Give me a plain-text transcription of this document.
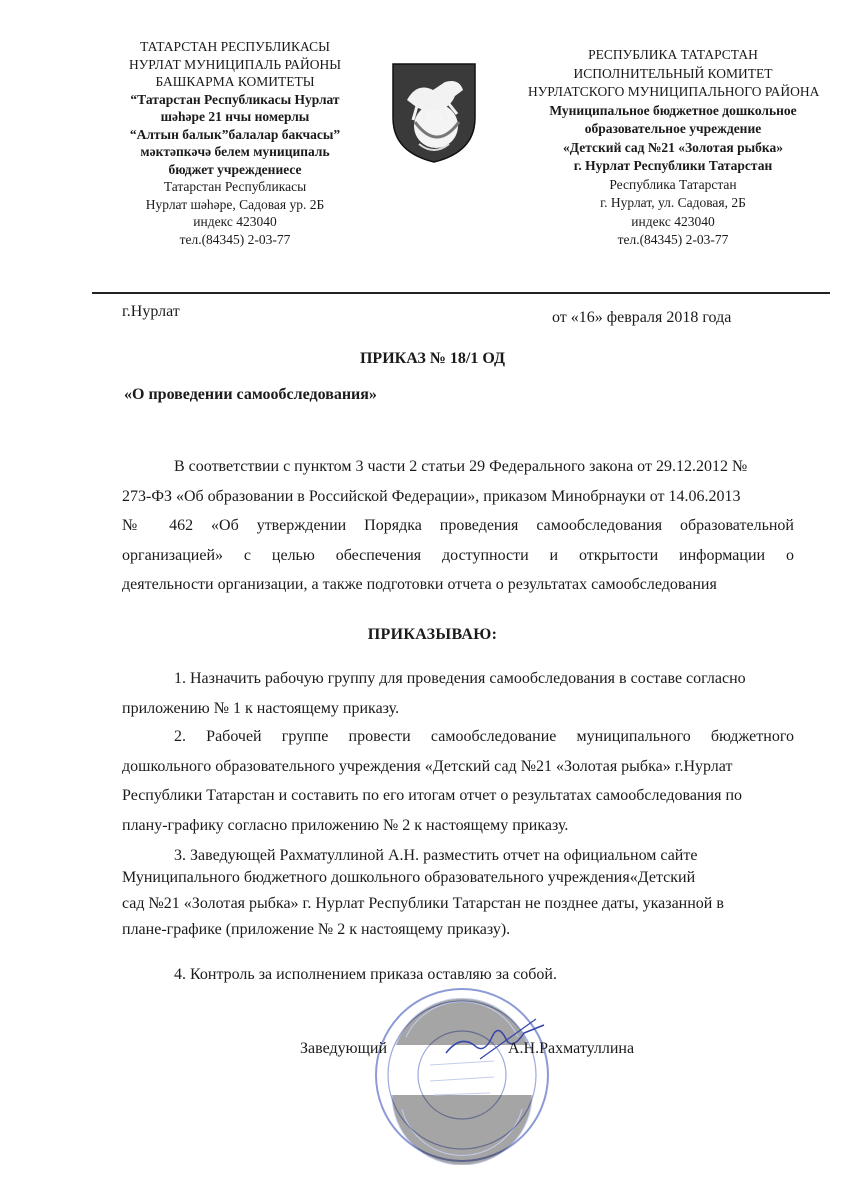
ТАТАРСТАН РЕСПУБЛИКАСЫ
НУРЛАТ МУНИЦИПАЛЬ РАЙОНЫ
БАШКАРМА КОМИТЕТЫ
“Татарстан Республикасы Нурлат
шәһәре 21 нчы номерлы
“Алтын балык”балалар бакчасы”
мәктәпкәчә белем муниципаль
бюджет учреждениесе
Татарстан Республикасы
Нурлат шәһәре, Садовая ур. 2Б
индекс 423040
тел.(84345) 2-03-77
РЕСПУБЛИКА ТАТАРСТАН
ИСПОЛНИТЕЛЬНЫЙ КОМИТЕТ
НУРЛАТСКОГО МУНИЦИПАЛЬНОГО РАЙОНА
Муниципальное бюджетное дошкольное
образовательное учреждение
«Детский сад №21 «Золотая рыбка»
г. Нурлат Республики Татарстан
Республика Татарстан
г. Нурлат, ул. Садовая, 2Б
индекс 423040
тел.(84345) 2-03-77
г.Нурлат	от «16» февраля 2018 года
ПРИКАЗ № 18/1 ОД
«О проведении самообследования»
В соответствии с пунктом 3 части 2 статьи 29 Федерального закона от 29.12.2012 №
273-ФЗ «Об образовании в Российской Федерации», приказом Минобрнауки от 14.06.2013
№ 462 «Об утверждении Порядка проведения самообследования образовательной
организацией» с целью обеспечения доступности и открытости информации о
деятельности организации, а также подготовки отчета о результатах самообследования
ПРИКАЗЫВАЮ:
1. Назначить рабочую группу для проведения самообследования в составе согласно
приложению № 1 к настоящему приказу.
2. Рабочей группе провести самообследование муниципального бюджетного
дошкольного образовательного учреждения «Детский сад №21 «Золотая рыбка» г.Нурлат
Республики Татарстан и составить по его итогам отчет о результатах самообследования по
плану-графику согласно приложению № 2 к настоящему приказу.
3. Заведующей Рахматуллиной А.Н. разместить отчет на официальном сайте
Муниципального бюджетного дошкольного образовательного учреждения«Детский
сад №21 «Золотая рыбка» г. Нурлат Республики Татарстан не позднее даты, указанной в
плане-графике (приложение № 2 к настоящему приказу).
4. Контроль за исполнением приказа оставляю за собой.
Заведующий	А.Н.Рахматуллина
